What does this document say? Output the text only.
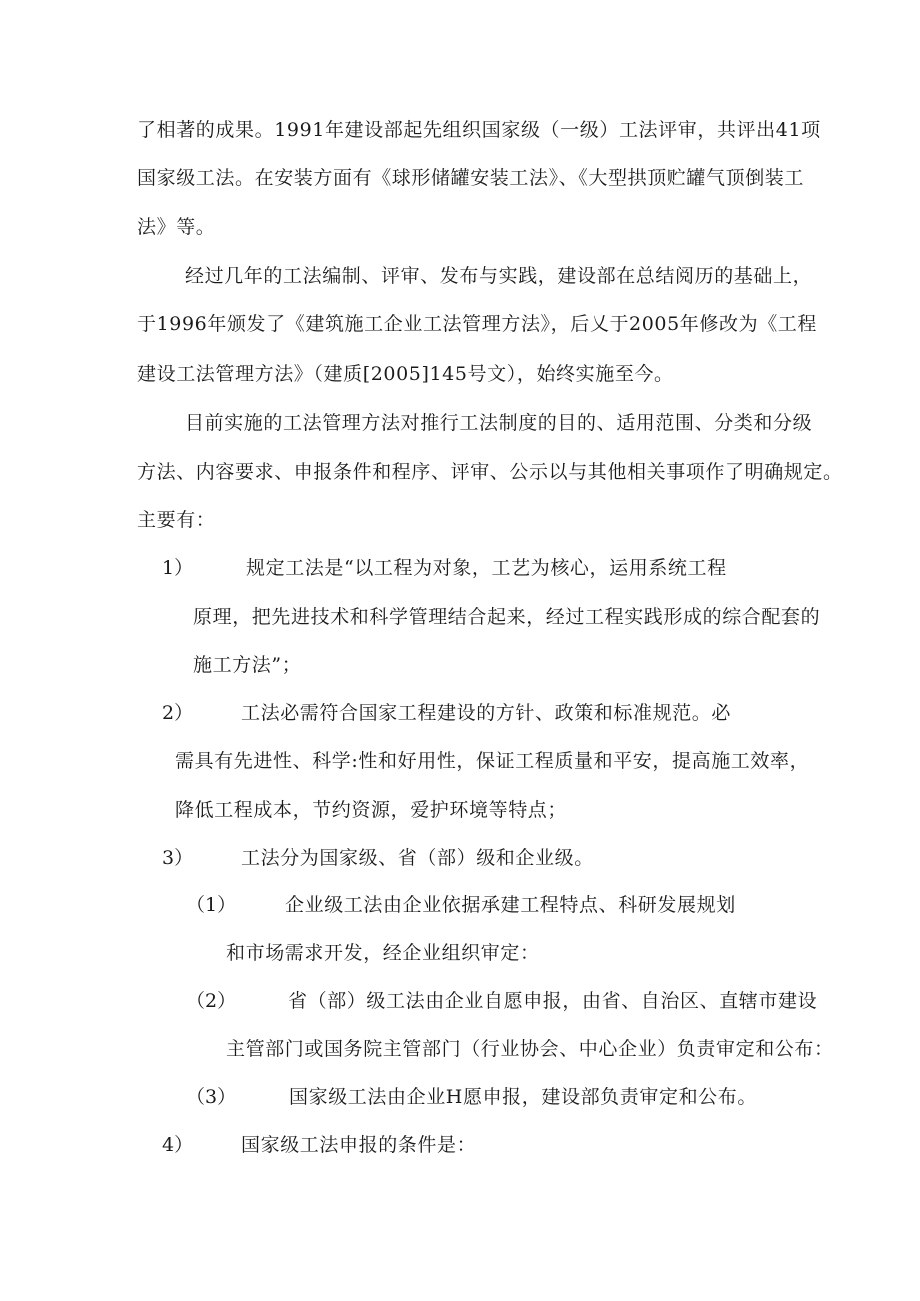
了相著的成果。1991年建设部起先组织国家级（一级）工法评审，共评出41项
国家级工法。在安装方面有《球形储罐安装工法》、《大型拱顶贮罐气顶倒装工
法》等。
经过几年的工法编制、评审、发布与实践，建设部在总结阅历的基础上，
于1996年颁发了《建筑施工企业工法管理方法》，后乂于2005年修改为《工程
建设工法管理方法》（建质[2005]145号文），始终实施至今。
目前实施的工法管理方法对推行工法制度的目的、适用范围、分类和分级
方法、内容要求、申报条件和程序、评审、公示以与其他相关事项作了明确规定。
主要有：
1）	规定工法是“以工程为对象，工艺为核心，运用系统工程
原理，把先进技术和科学管理结合起来，经过工程实践形成的综合配套的
施工方法”；
2）	工法必需符合国家工程建设的方针、政策和标准规范。必
需具有先进性、科学:性和好用性，保证工程质量和平安，提高施工效率，
降低工程成本，节约资源，爱护环境等特点；
3）	工法分为国家级、省（部）级和企业级。
（1）	企业级工法由企业依据承建工程特点、科研发展规划
和市场需求开发，经企业组织审定：
（2）	省（部）级工法由企业自愿申报，由省、自治区、直辖市建设
主管部门或国务院主管部门（行业协会、中心企业）负责审定和公布：
（3）	国家级工法由企业H愿申报，建设部负责审定和公布。
4）	国家级工法申报的条件是：
